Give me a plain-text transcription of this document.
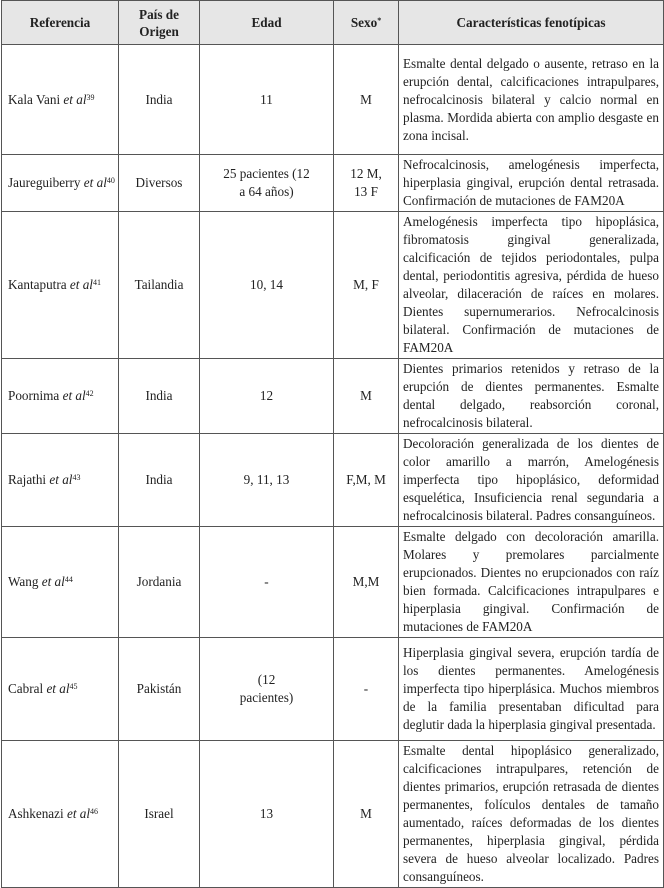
Referencia	País de Origen	Edad	Sexo*	Características fenotípicas
Kala Vani et $al^{39}$	India	11	M	Esmalte dental delgado o ausente, retraso en la erupción dental, calcificaciones intrapulpares, nefrocalcinosis bilateral y calcio normal en plasma. Mordida abierta con amplio desgaste en zona incisal.
Jaureguiberry et $al^{40}$	Diversos	25 pacientes (12 a 64 años)	12 M, 13 F	Nefrocalcinosis, amelogénesis imperfecta, hiperplasia gingival, erupción dental retrasada. Confirmación de mutaciones de FAM20A
Kantaputra et $al^{41}$	Tailandia	10, 14	M, F	Amelogénesis imperfecta tipo hipoplásica, fibromatosis gingival generalizada, calcificación de tejidos periodontales, pulpa dental, periodontitis agresiva, pérdida de hueso alveolar, dilaceración de raíces en molares. Dientes supernumerarios. Nefrocalcinosis bilateral. Confirmación de mutaciones de FAM20A
Poornima et $al^{42}$	India	12	M	Dientes primarios retenidos y retraso de la erupción de dientes permanentes. Esmalte dental delgado, reabsorción coronal, nefrocalcinosis bilateral.
Rajathi et $al^{43}$	India	9, 11, 13	F,M, M	Decoloración generalizada de los dientes de color amarillo a marrón, Amelogénesis imperfecta tipo hipoplásico, deformidad esquelética, Insuficiencia renal segundaria a nefrocalcinosis bilateral. Padres consanguíneos.
Wang et $al^{44}$	Jordania	-	M,M	Esmalte delgado con decoloración amarilla. Molares y premolares parcialmente erupcionados. Dientes no erupcionados con raíz bien formada. Calcificaciones intrapulpares e hiperplasia gingival. Confirmación de mutaciones de FAM20A
Cabral et $al^{45}$	Pakistán	(12 pacientes)	-	Hiperplasia gingival severa, erupción tardía de los dientes permanentes. Amelogénesis imperfecta tipo hiperplásica. Muchos miembros de la familia presentaban dificultad para deglutir dada la hiperplasia gingival presentada.
Ashkenazi et $al^{46}$	Israel	13	M	Esmalte dental hipoplásico generalizado, calcificaciones intrapulpares, retención de dientes primarios, erupción retrasada de dientes permanentes, folículos dentales de tamaño aumentado, raíces deformadas de los dientes permanentes, hiperplasia gingival, pérdida severa de hueso alveolar localizado. Padres consanguíneos.
